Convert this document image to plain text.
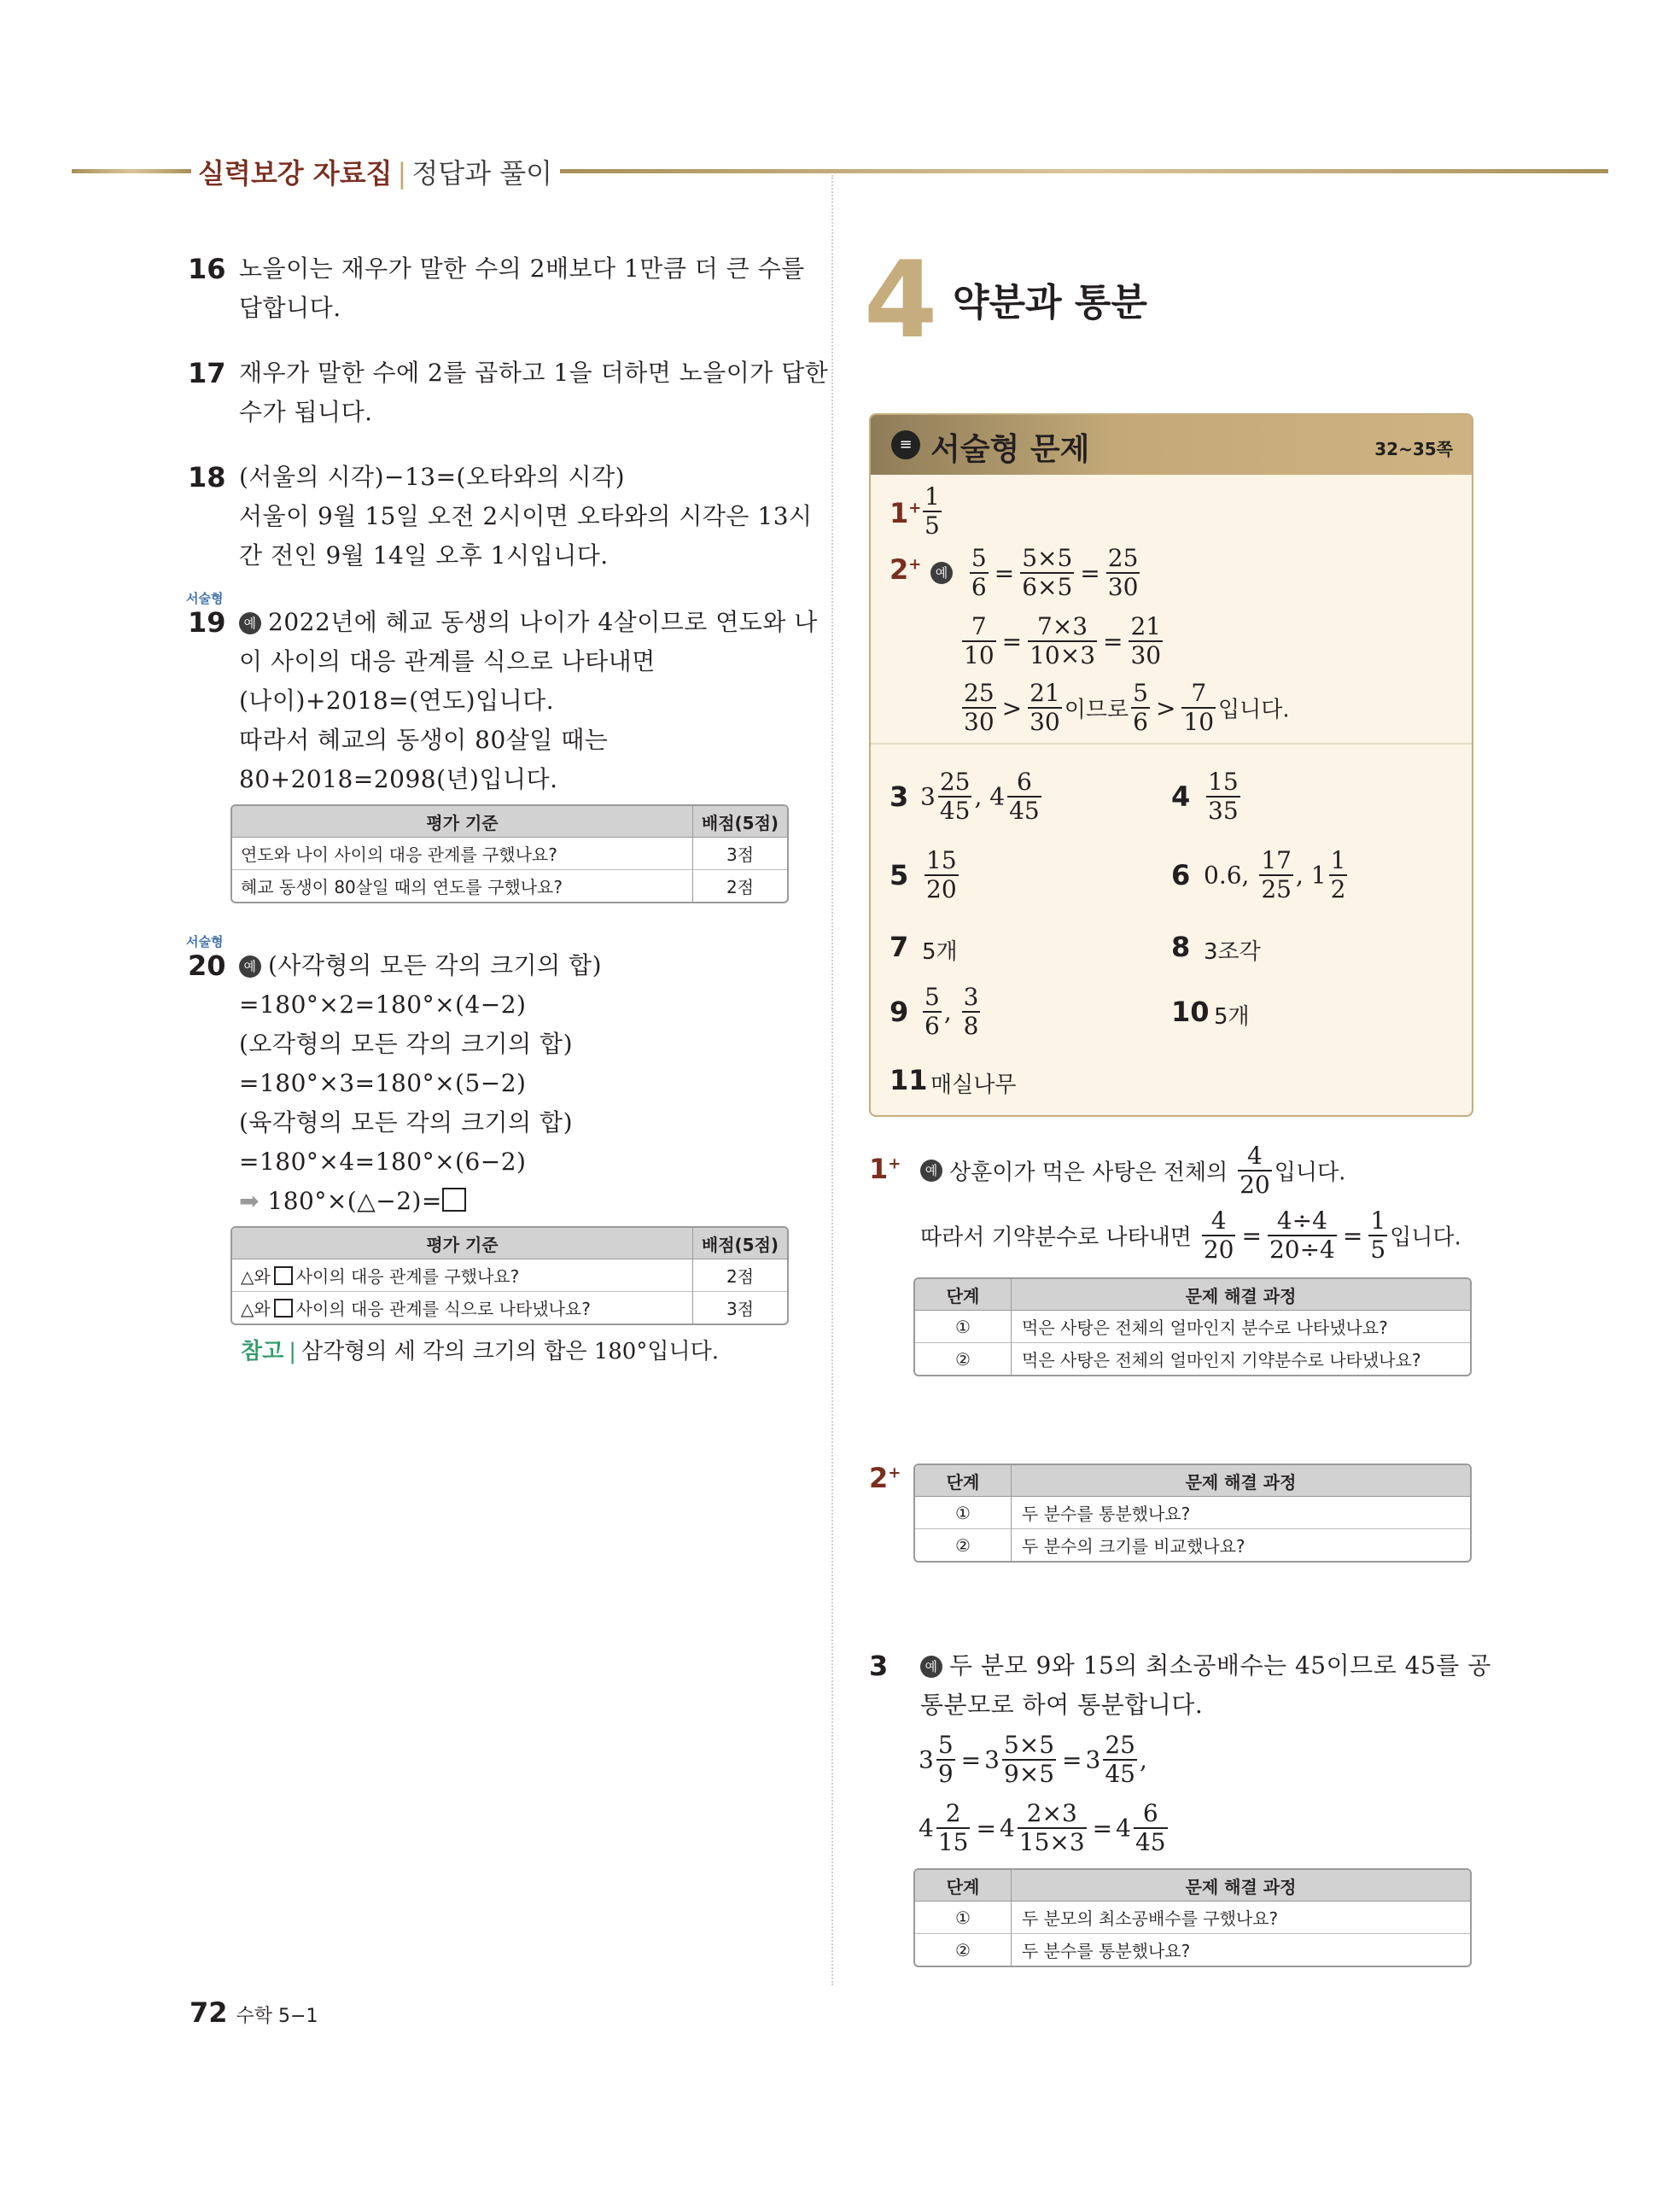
실력보강 자료집 | 정답과 풀이
16 노을이는 재우가 말한 수의 2배보다 1만큼 더 큰 수를
답합니다.
17 재우가 말한 수에 2를 곱하고 1을 더하면 노을이가 답한
수가 됩니다.
18 (서울의 시각)−13=(오타와의 시각)
서울이 9월 15일 오전 2시이면 오타와의 시각은 13시
간 전인 9월 14일 오후 1시입니다.
서술형
19	예 2022년에 혜교 동생의 나이가 4살이므로 연도와 나
이 사이의 대응 관계를 식으로 나타내면
(나이)+2018=(연도)입니다.
따라서 혜교의 동생이 80살일 때는
80+2018=2098(년)입니다.
평가 기준	배점(5점)
연도와 나이 사이의 대응 관계를 구했나요?	3점
혜교 동생이 80살일 때의 연도를 구했나요?	2점
서술형
20	예 (사각형의 모든 각의 크기의 합)
=180°×2=180°×(4−2)
(오각형의 모든 각의 크기의 합)
=180°×3=180°×(5−2)
(육각형의 모든 각의 크기의 합)
=180°×4=180°×(6−2)
➡ 180°×(△−2)=
평가 기준	배점(5점)
△와 사이의 대응 관계를 구했나요?	2점
△와 사이의 대응 관계를 식으로 나타냈나요?	3점
참고 | 삼각형의 세 각의 크기의 합은 180°입니다.
4 약분과 통분
≡ 서술형 문제	32~35쪽
$1^+ \frac{1}{5}$
2+	예 $\frac{5}{6} = \frac{5\times 5}{6\times 5} = \frac{25}{30}$
$\frac{7}{10} = \frac{7\times 3}{10\times 3} = \frac{21}{30}$
$\frac{25}{30} > \frac{21}{30}$ 이므로 $\frac{5}{6} > \frac{7}{10}$ 입니다.
3 $3 \frac{25}{45}$ , $4 \frac{6}{45}$	$4 \frac{15}{35}$
$5 \frac{15}{20}$	6 0.6, $\frac{17}{25}$ , $1 \frac{1}{2}$
7 5개	8 3조각
$9 \frac{5}{6}$ , $\frac{3}{8}$	10 5개
11 매실나무
1+	예 상훈이가 먹은 사탕은 전체의 $\frac{4}{20}$ 입니다.
따라서 기약분수로 나타내면 $\frac{4}{20} = \frac{4\div 4}{20\div 4} = \frac{1}{5}$ 입니다.
단계	문제 해결 과정
①	먹은 사탕은 전체의 얼마인지 분수로 나타냈나요?
②	먹은 사탕은 전체의 얼마인지 기약분수로 나타냈나요?
2+	단계	문제 해결 과정
①	두 분수를 통분했나요?
②	두 분수의 크기를 비교했나요?
3	예 두 분모 9와 15의 최소공배수는 45이므로 45를 공
통분모로 하여 통분합니다.
$3 \frac{5}{9} = 3 \frac{5\times 5}{9\times 5} = 3 \frac{25}{45}$ ,
$4 \frac{2}{15} = 4 \frac{2\times 3}{15\times 3} = 4 \frac{6}{45}$
단계	문제 해결 과정
①	두 분모의 최소공배수를 구했나요?
②	두 분수를 통분했나요?
72 수학 5−1
